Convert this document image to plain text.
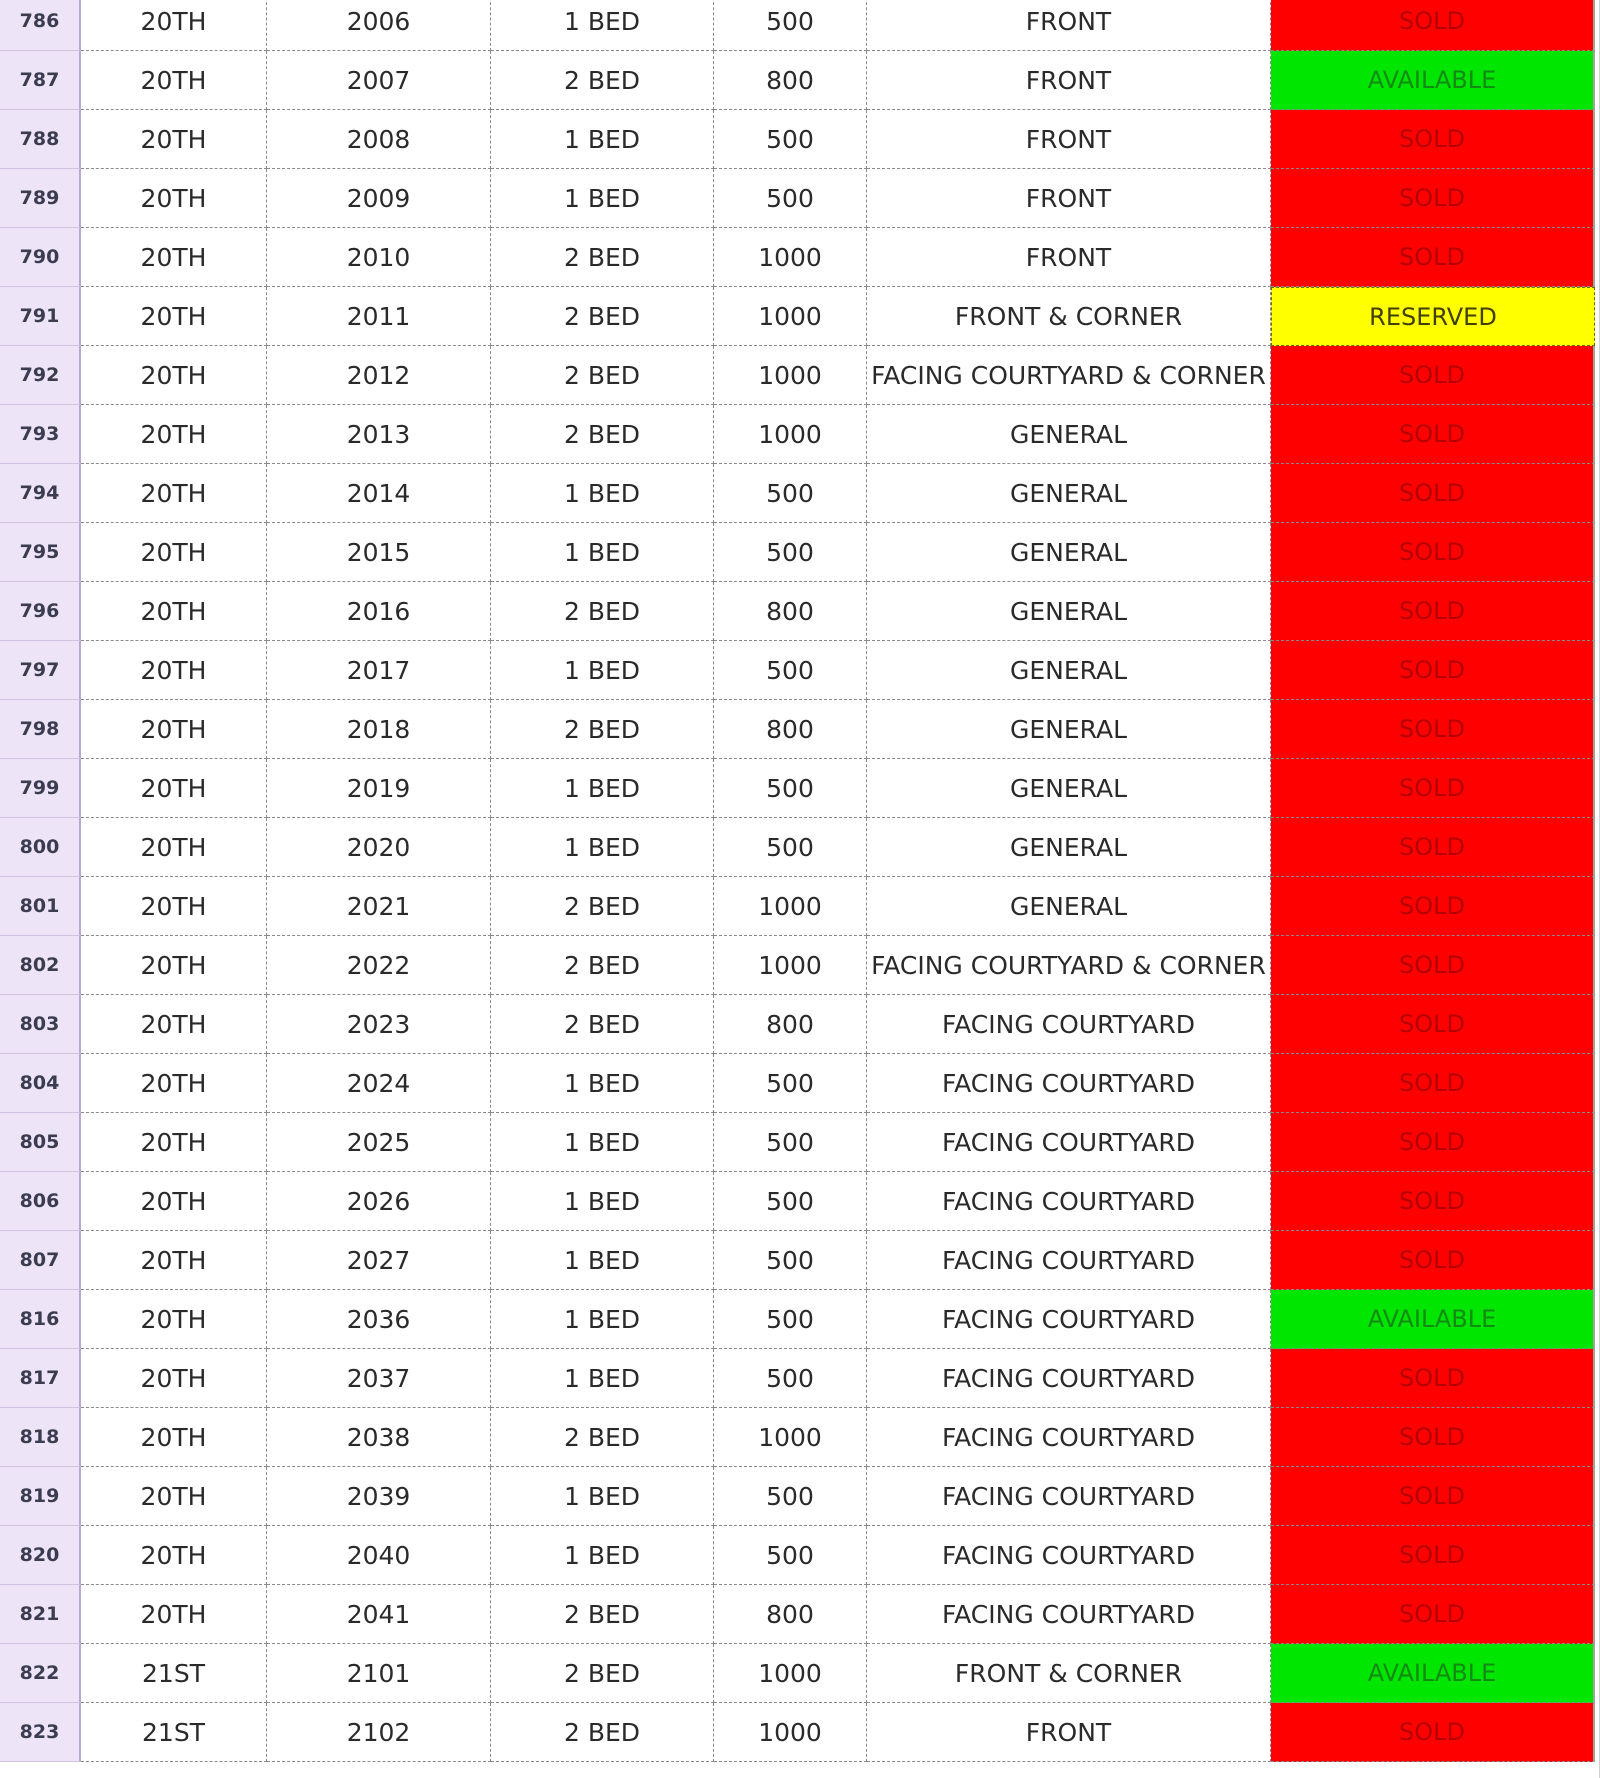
786	20TH	2006	1 BED	500	FRONT	SOLD
787	20TH	2007	2 BED	800	FRONT	AVAILABLE
788	20TH	2008	1 BED	500	FRONT	SOLD
789	20TH	2009	1 BED	500	FRONT	SOLD
790	20TH	2010	2 BED	1000	FRONT	SOLD
791	20TH	2011	2 BED	1000	FRONT & CORNER	RESERVED
792	20TH	2012	2 BED	1000	FACING COURTYARD & CORNER	SOLD
793	20TH	2013	2 BED	1000	GENERAL	SOLD
794	20TH	2014	1 BED	500	GENERAL	SOLD
795	20TH	2015	1 BED	500	GENERAL	SOLD
796	20TH	2016	2 BED	800	GENERAL	SOLD
797	20TH	2017	1 BED	500	GENERAL	SOLD
798	20TH	2018	2 BED	800	GENERAL	SOLD
799	20TH	2019	1 BED	500	GENERAL	SOLD
800	20TH	2020	1 BED	500	GENERAL	SOLD
801	20TH	2021	2 BED	1000	GENERAL	SOLD
802	20TH	2022	2 BED	1000	FACING COURTYARD & CORNER	SOLD
803	20TH	2023	2 BED	800	FACING COURTYARD	SOLD
804	20TH	2024	1 BED	500	FACING COURTYARD	SOLD
805	20TH	2025	1 BED	500	FACING COURTYARD	SOLD
806	20TH	2026	1 BED	500	FACING COURTYARD	SOLD
807	20TH	2027	1 BED	500	FACING COURTYARD	SOLD
816	20TH	2036	1 BED	500	FACING COURTYARD	AVAILABLE
817	20TH	2037	1 BED	500	FACING COURTYARD	SOLD
818	20TH	2038	2 BED	1000	FACING COURTYARD	SOLD
819	20TH	2039	1 BED	500	FACING COURTYARD	SOLD
820	20TH	2040	1 BED	500	FACING COURTYARD	SOLD
821	20TH	2041	2 BED	800	FACING COURTYARD	SOLD
822	21ST	2101	2 BED	1000	FRONT & CORNER	AVAILABLE
823	21ST	2102	2 BED	1000	FRONT	SOLD
